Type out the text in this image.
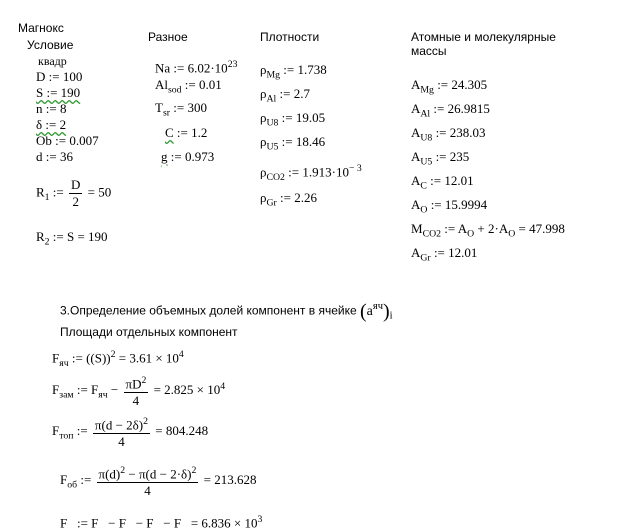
Магнокс
Условие
Разное	Плотности	Атомные и молекулярные массы
квадр
D := 100
S := 190
n := 8
δ := 2
Ob := 0.007
d := 36
$R_1$ := $\frac{D}{2} = 50$
$R_2$ := S = 190
Na := $6.02\cdot 10^{23}$
$Al_{sod}$ := 0.01
$T_{sr}$ := 300
C := 1.2
g := 0.973
$\rho_{Mg}$ := 1.738
$\rho_{Al}$ := 2.7
$\rho_{U8}$ := 19.05
$\rho_{U5}$ := 18.46
$\rho_{CO2}$ := $1.913\cdot 10^{- 3}$
$\rho_{Gr}$ := 2.26
$A_{Mg}$ := 24.305
$A_{Al}$ := 26.9815
$A_{U8}$ := 238.03
$A_{U5}$ := 235
$A_C$ := 12.01
$A_O$ := 15.9994
$M_{CO2}$ := $A_O + 2\cdot A_O = 47.998$
$A_{Gr}$ := 12.01
3.Определение объемных долей компонент в ячейке $(a^{яч})_i$
Площади отдельных компонент
$F_{яч}$ := $((S))^2 = 3.61 \times 10^4$
$F_{зам}$ := $F_{яч} - \frac{\pi D^2}{4} = 2.825 \times 10^4$
$F_{топ}$ := $\frac{\pi(d - 2\delta)^2}{4} = 804.248$
$F_{об}$ := $\frac{\pi(d)^2 - \pi(d - 2\cdot\delta)^2}{4} = 213.628$
F   := $F - F - F - F = 6.836 \times 10^3$
